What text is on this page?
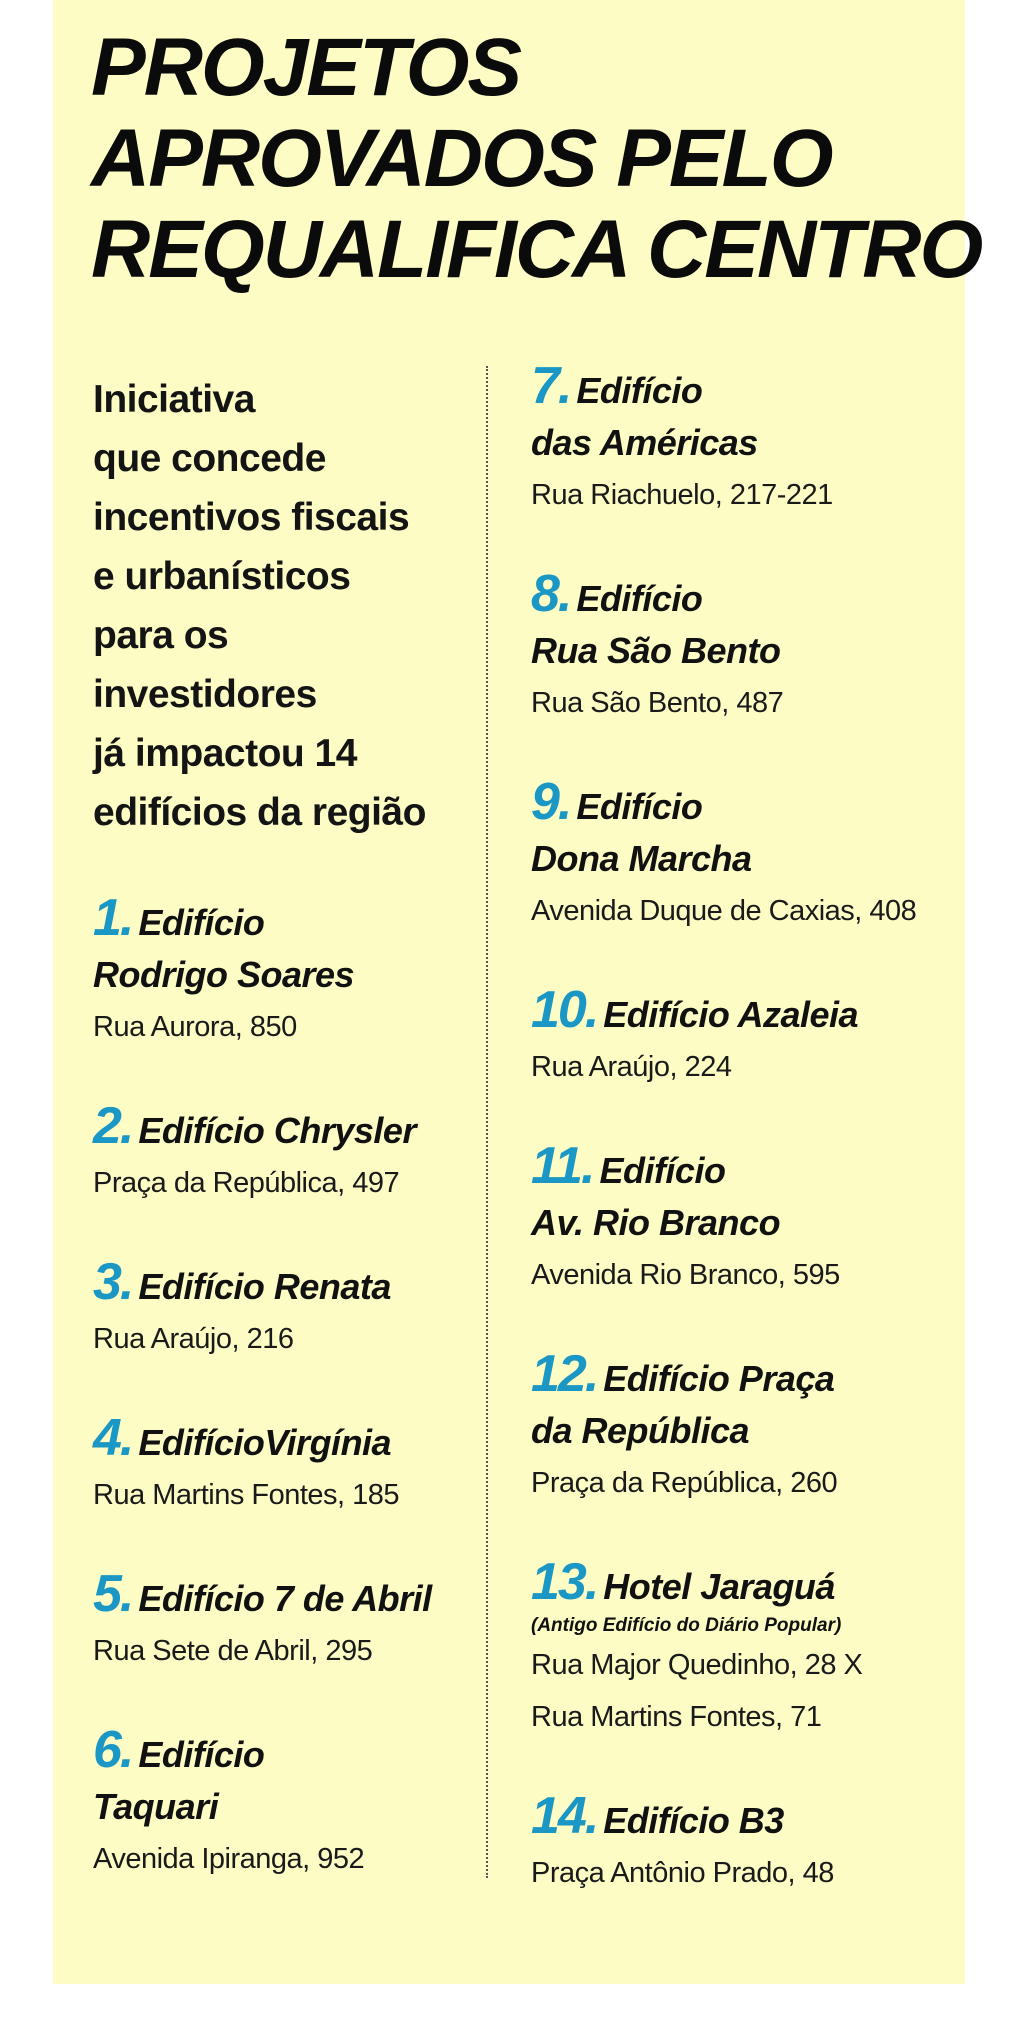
PROJETOS
APROVADOS PELO
REQUALIFICA CENTRO

Iniciativa
que concede
incentivos fiscais
e urbanísticos
para os
investidores
já impactou 14
edifícios da região

1. Edifício
Rodrigo Soares
Rua Aurora, 850
2. Edifício Chrysler
Praça da República, 497
3. Edifício Renata
Rua Araújo, 216
4. EdifícioVirgínia
Rua Martins Fontes, 185
5. Edifício 7 de Abril
Rua Sete de Abril, 295
6. Edifício
Taquari
Avenida Ipiranga, 952
7. Edifício
das Américas
Rua Riachuelo, 217-221
8. Edifício
Rua São Bento
Rua São Bento, 487
9. Edifício
Dona Marcha
Avenida Duque de Caxias, 408
10. Edifício Azaleia
Rua Araújo, 224
11. Edifício
Av. Rio Branco
Avenida Rio Branco, 595
12. Edifício Praça
da República
Praça da República, 260
13. Hotel Jaraguá
(Antigo Edifício do Diário Popular)
Rua Major Quedinho, 28 X
Rua Martins Fontes, 71
14. Edifício B3
Praça Antônio Prado, 48
